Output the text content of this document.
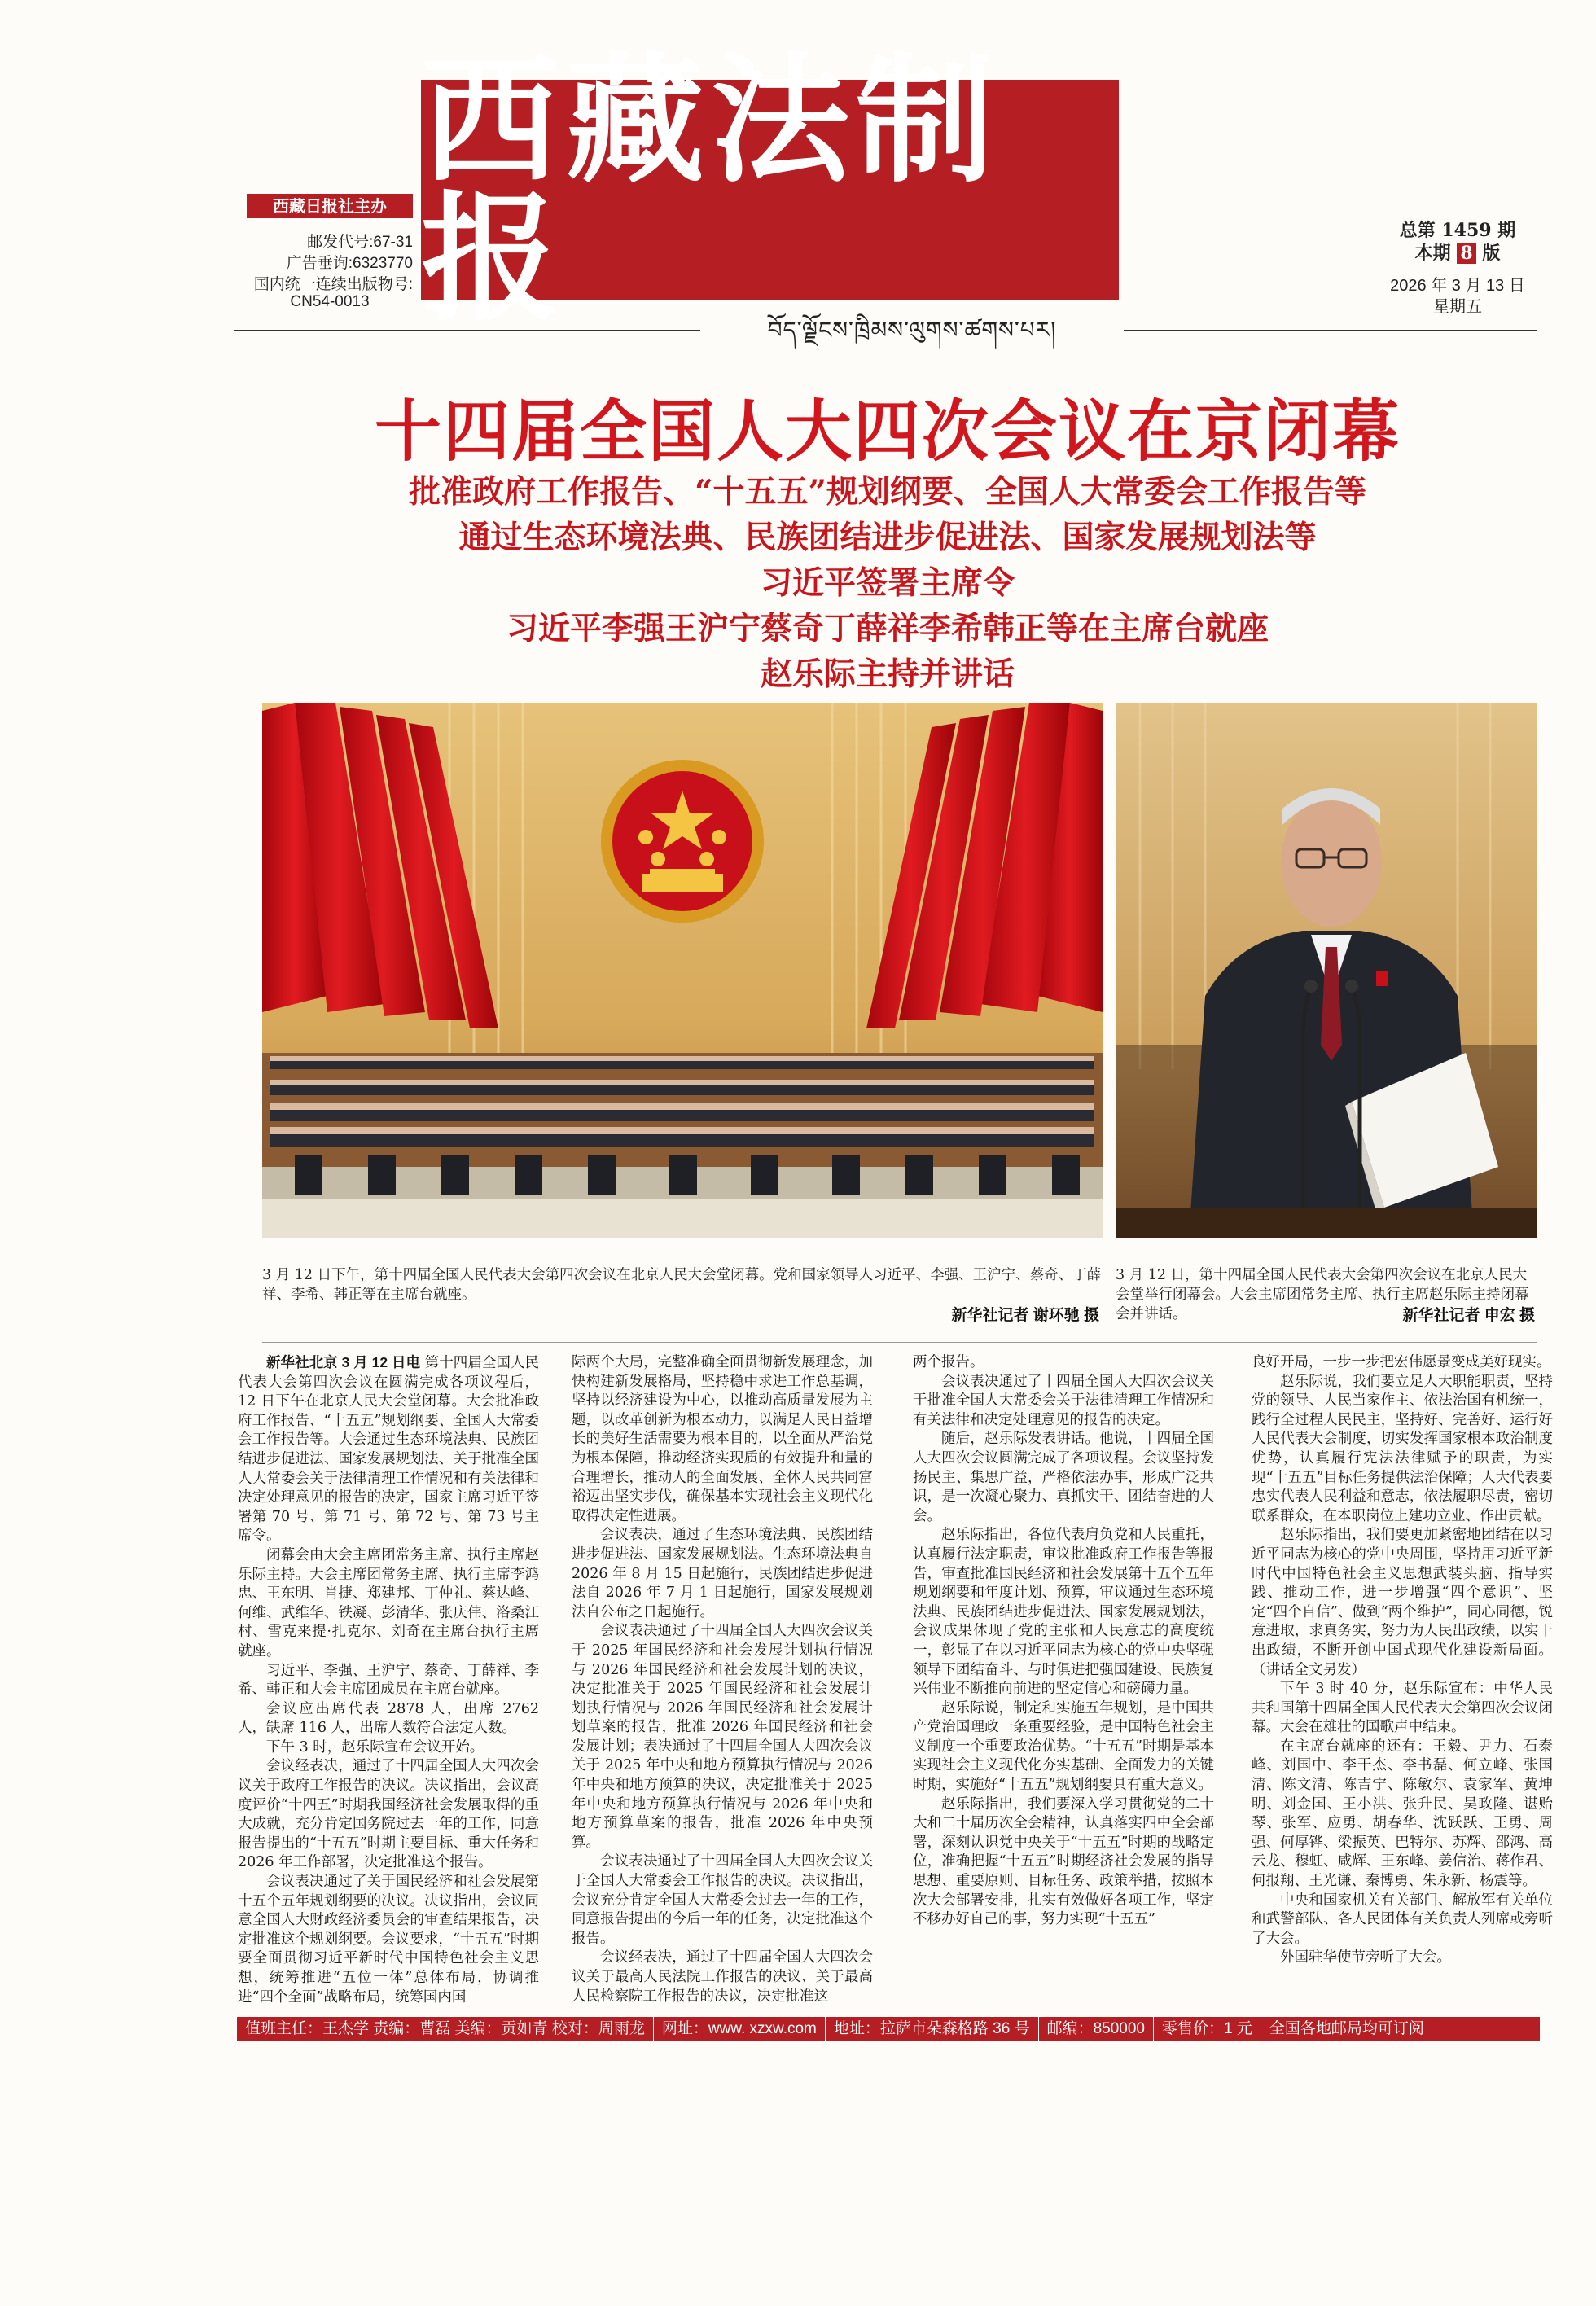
西藏法制报
西藏日报社主办
邮发代号:67-31
广告垂询:6323770
国内统一连续出版物号:
CN54-0013
总第 1459 期
本期 8 版
2026 年 3 月 13 日
星期五
བོད་ལྗོངས་ཁྲིམས་ལུགས་ཚགས་པར།
十四届全国人大四次会议在京闭幕
批准政府工作报告、“十五五”规划纲要、全国人大常委会工作报告等
通过生态环境法典、民族团结进步促进法、国家发展规划法等
习近平签署主席令
习近平李强王沪宁蔡奇丁薛祥李希韩正等在主席台就座
赵乐际主持并讲话
3 月 12 日下午，第十四届全国人民代表大会第四次会议在北京人民大会堂闭幕。党和国家领导人习近平、李强、王沪宁、蔡奇、丁薛祥、李希、韩正等在主席台就座。
新华社记者 谢环驰 摄
3 月 12 日，第十四届全国人民代表大会第四次会议在北京人民大会堂举行闭幕会。大会主席团常务主席、执行主席赵乐际主持闭幕会并讲话。	新华社记者 申宏 摄

新华社北京 3 月 12 日电 第十四届全国人民代表大会第四次会议在圆满完成各项议程后，12 日下午在北京人民大会堂闭幕。大会批准政府工作报告、“十五五”规划纲要、全国人大常委会工作报告等。大会通过生态环境法典、民族团结进步促进法、国家发展规划法、关于批准全国人大常委会关于法律清理工作情况和有关法律和决定处理意见的报告的决定，国家主席习近平签署第 70 号、第 71 号、第 72 号、第 73 号主席令。

闭幕会由大会主席团常务主席、执行主席赵乐际主持。大会主席团常务主席、执行主席李鸿忠、王东明、肖捷、郑建邦、丁仲礼、蔡达峰、何维、武维华、铁凝、彭清华、张庆伟、洛桑江村、雪克来提·扎克尔、刘奇在主席台执行主席就座。

习近平、李强、王沪宁、蔡奇、丁薛祥、李希、韩正和大会主席团成员在主席台就座。

会议应出席代表 2878 人，出席 2762 人，缺席 116 人，出席人数符合法定人数。

下午 3 时，赵乐际宣布会议开始。

会议经表决，通过了十四届全国人大四次会议关于政府工作报告的决议。决议指出，会议高度评价“十四五”时期我国经济社会发展取得的重大成就，充分肯定国务院过去一年的工作，同意报告提出的“十五五”时期主要目标、重大任务和 2026 年工作部署，决定批准这个报告。

会议表决通过了关于国民经济和社会发展第十五个五年规划纲要的决议。决议指出，会议同意全国人大财政经济委员会的审查结果报告，决定批准这个规划纲要。会议要求，“十五五”时期要全面贯彻习近平新时代中国特色社会主义思想，统筹推进“五位一体”总体布局，协调推进“四个全面”战略布局，统筹国内国

际两个大局，完整准确全面贯彻新发展理念，加快构建新发展格局，坚持稳中求进工作总基调，坚持以经济建设为中心，以推动高质量发展为主题，以改革创新为根本动力，以满足人民日益增长的美好生活需要为根本目的，以全面从严治党为根本保障，推动经济实现质的有效提升和量的合理增长，推动人的全面发展、全体人民共同富裕迈出坚实步伐，确保基本实现社会主义现代化取得决定性进展。

会议表决，通过了生态环境法典、民族团结进步促进法、国家发展规划法。生态环境法典自 2026 年 8 月 15 日起施行，民族团结进步促进法自 2026 年 7 月 1 日起施行，国家发展规划法自公布之日起施行。

会议表决通过了十四届全国人大四次会议关于 2025 年国民经济和社会发展计划执行情况与 2026 年国民经济和社会发展计划的决议，决定批准关于 2025 年国民经济和社会发展计划执行情况与 2026 年国民经济和社会发展计划草案的报告，批准 2026 年国民经济和社会发展计划；表决通过了十四届全国人大四次会议关于 2025 年中央和地方预算执行情况与 2026 年中央和地方预算的决议，决定批准关于 2025 年中央和地方预算执行情况与 2026 年中央和地方预算草案的报告，批准 2026 年中央预算。

会议表决通过了十四届全国人大四次会议关于全国人大常委会工作报告的决议。决议指出，会议充分肯定全国人大常委会过去一年的工作，同意报告提出的今后一年的任务，决定批准这个报告。

会议经表决，通过了十四届全国人大四次会议关于最高人民法院工作报告的决议、关于最高人民检察院工作报告的决议，决定批准这

两个报告。

会议表决通过了十四届全国人大四次会议关于批准全国人大常委会关于法律清理工作情况和有关法律和决定处理意见的报告的决定。

随后，赵乐际发表讲话。他说，十四届全国人大四次会议圆满完成了各项议程。会议坚持发扬民主、集思广益，严格依法办事，形成广泛共识，是一次凝心聚力、真抓实干、团结奋进的大会。

赵乐际指出，各位代表肩负党和人民重托，认真履行法定职责，审议批准政府工作报告等报告，审查批准国民经济和社会发展第十五个五年规划纲要和年度计划、预算，审议通过生态环境法典、民族团结进步促进法、国家发展规划法，会议成果体现了党的主张和人民意志的高度统一，彰显了在以习近平同志为核心的党中央坚强领导下团结奋斗、与时俱进把强国建设、民族复兴伟业不断推向前进的坚定信心和磅礴力量。

赵乐际说，制定和实施五年规划，是中国共产党治国理政一条重要经验，是中国特色社会主义制度一个重要政治优势。“十五五”时期是基本实现社会主义现代化夯实基础、全面发力的关键时期，实施好“十五五”规划纲要具有重大意义。

赵乐际指出，我们要深入学习贯彻党的二十大和二十届历次全会精神，认真落实四中全会部署，深刻认识党中央关于“十五五”时期的战略定位，准确把握“十五五”时期经济社会发展的指导思想、重要原则、目标任务、政策举措，按照本次大会部署安排，扎实有效做好各项工作，坚定不移办好自己的事，努力实现“十五五”

良好开局，一步一步把宏伟愿景变成美好现实。

赵乐际说，我们要立足人大职能职责，坚持党的领导、人民当家作主、依法治国有机统一，践行全过程人民民主，坚持好、完善好、运行好人民代表大会制度，切实发挥国家根本政治制度优势，认真履行宪法法律赋予的职责，为实现“十五五”目标任务提供法治保障；人大代表要忠实代表人民利益和意志，依法履职尽责，密切联系群众，在本职岗位上建功立业、作出贡献。

赵乐际指出，我们要更加紧密地团结在以习近平同志为核心的党中央周围，坚持用习近平新时代中国特色社会主义思想武装头脑、指导实践、推动工作，进一步增强“四个意识”、坚定“四个自信”、做到“两个维护”，同心同德，锐意进取，求真务实，努力为人民出政绩，以实干出政绩，不断开创中国式现代化建设新局面。（讲话全文另发）

下午 3 时 40 分，赵乐际宣布：中华人民共和国第十四届全国人民代表大会第四次会议闭幕。大会在雄壮的国歌声中结束。

在主席台就座的还有：王毅、尹力、石泰峰、刘国中、李干杰、李书磊、何立峰、张国清、陈文清、陈吉宁、陈敏尔、袁家军、黄坤明、刘金国、王小洪、张升民、吴政隆、谌贻琴、张军、应勇、胡春华、沈跃跃、王勇、周强、何厚铧、梁振英、巴特尔、苏辉、邵鸿、高云龙、穆虹、咸辉、王东峰、姜信治、蒋作君、何报翔、王光谦、秦博勇、朱永新、杨震等。

中央和国家机关有关部门、解放军有关单位和武警部队、各人民团体有关负责人列席或旁听了大会。

外国驻华使节旁听了大会。

值班主任：王杰学 责编：曹磊 美编：贡如青 校对：周雨龙 网址：www. xzxw.com 地址：拉萨市朵森格路 36 号 邮编：850000 零售价：1 元 全国各地邮局均可订阅
